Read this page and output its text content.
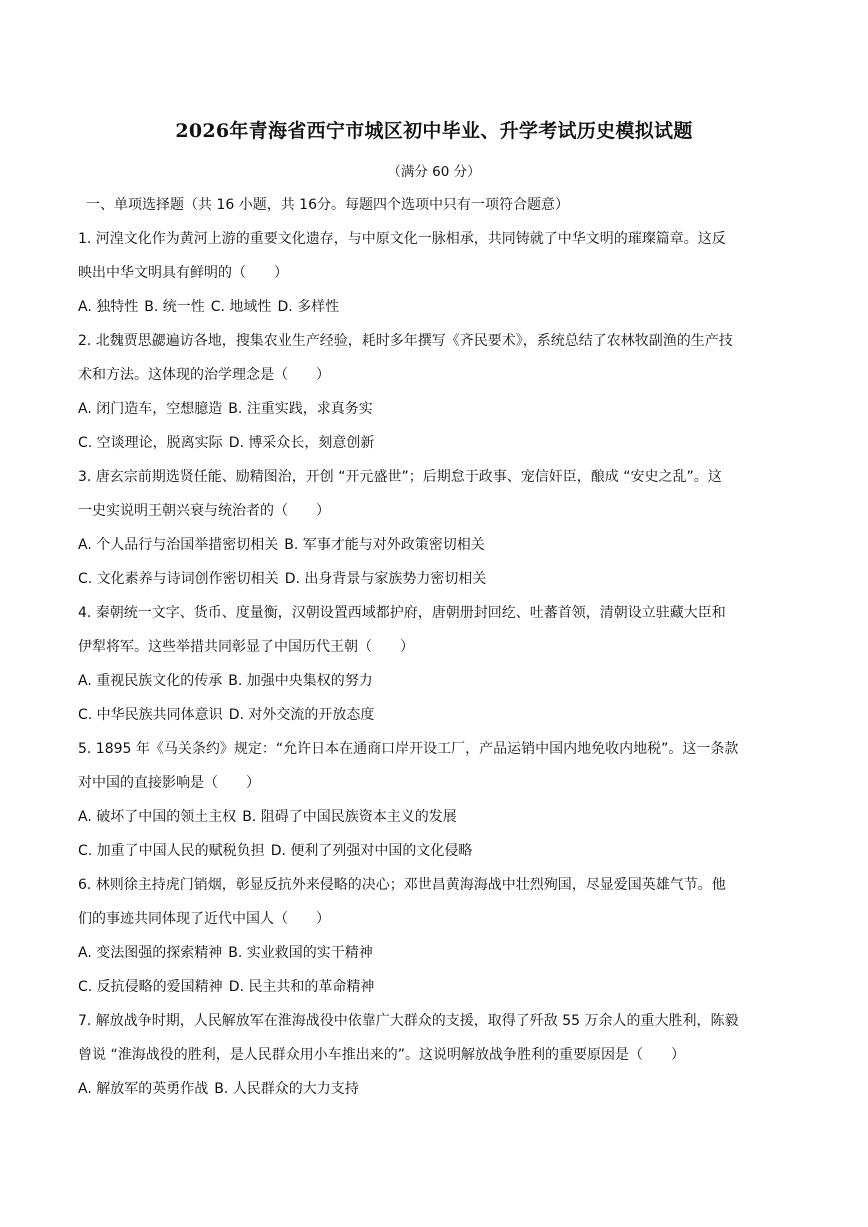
2026年青海省西宁市城区初中毕业、升学考试历史模拟试题
（满分 60 分）
一、单项选择题（共 16 小题，共 16分。每题四个选项中只有一项符合题意）
1. 河湟文化作为黄河上游的重要文化遗存，与中原文化一脉相承，共同铸就了中华文明的璀璨篇章。这反
映出中华文明具有鲜明的（　　）
A. 独特性 B. 统一性 C. 地域性 D. 多样性
2. 北魏贾思勰遍访各地，搜集农业生产经验，耗时多年撰写《齐民要术》，系统总结了农林牧副渔的生产技
术和方法。这体现的治学理念是（　　）
A. 闭门造车，空想臆造 B. 注重实践，求真务实
C. 空谈理论，脱离实际 D. 博采众长，刻意创新
3. 唐玄宗前期选贤任能、励精图治，开创 “开元盛世”；后期怠于政事、宠信奸臣，酿成 “安史之乱”。这
一史实说明王朝兴衰与统治者的（　　）
A. 个人品行与治国举措密切相关 B. 军事才能与对外政策密切相关
C. 文化素养与诗词创作密切相关 D. 出身背景与家族势力密切相关
4. 秦朝统一文字、货币、度量衡，汉朝设置西域都护府，唐朝册封回纥、吐蕃首领，清朝设立驻藏大臣和
伊犁将军。这些举措共同彰显了中国历代王朝（　　）
A. 重视民族文化的传承 B. 加强中央集权的努力
C. 中华民族共同体意识 D. 对外交流的开放态度
5. 1895 年《马关条约》规定：“允许日本在通商口岸开设工厂，产品运销中国内地免收内地税”。这一条款
对中国的直接影响是（　　）
A. 破坏了中国的领土主权 B. 阻碍了中国民族资本主义的发展
C. 加重了中国人民的赋税负担 D. 便利了列强对中国的文化侵略
6. 林则徐主持虎门销烟，彰显反抗外来侵略的决心；邓世昌黄海海战中壮烈殉国，尽显爱国英雄气节。他
们的事迹共同体现了近代中国人（　　）
A. 变法图强的探索精神 B. 实业救国的实干精神
C. 反抗侵略的爱国精神 D. 民主共和的革命精神
7. 解放战争时期，人民解放军在淮海战役中依靠广大群众的支援，取得了歼敌 55 万余人的重大胜利，陈毅
曾说 “淮海战役的胜利，是人民群众用小车推出来的”。这说明解放战争胜利的重要原因是（　　）
A. 解放军的英勇作战 B. 人民群众的大力支持
